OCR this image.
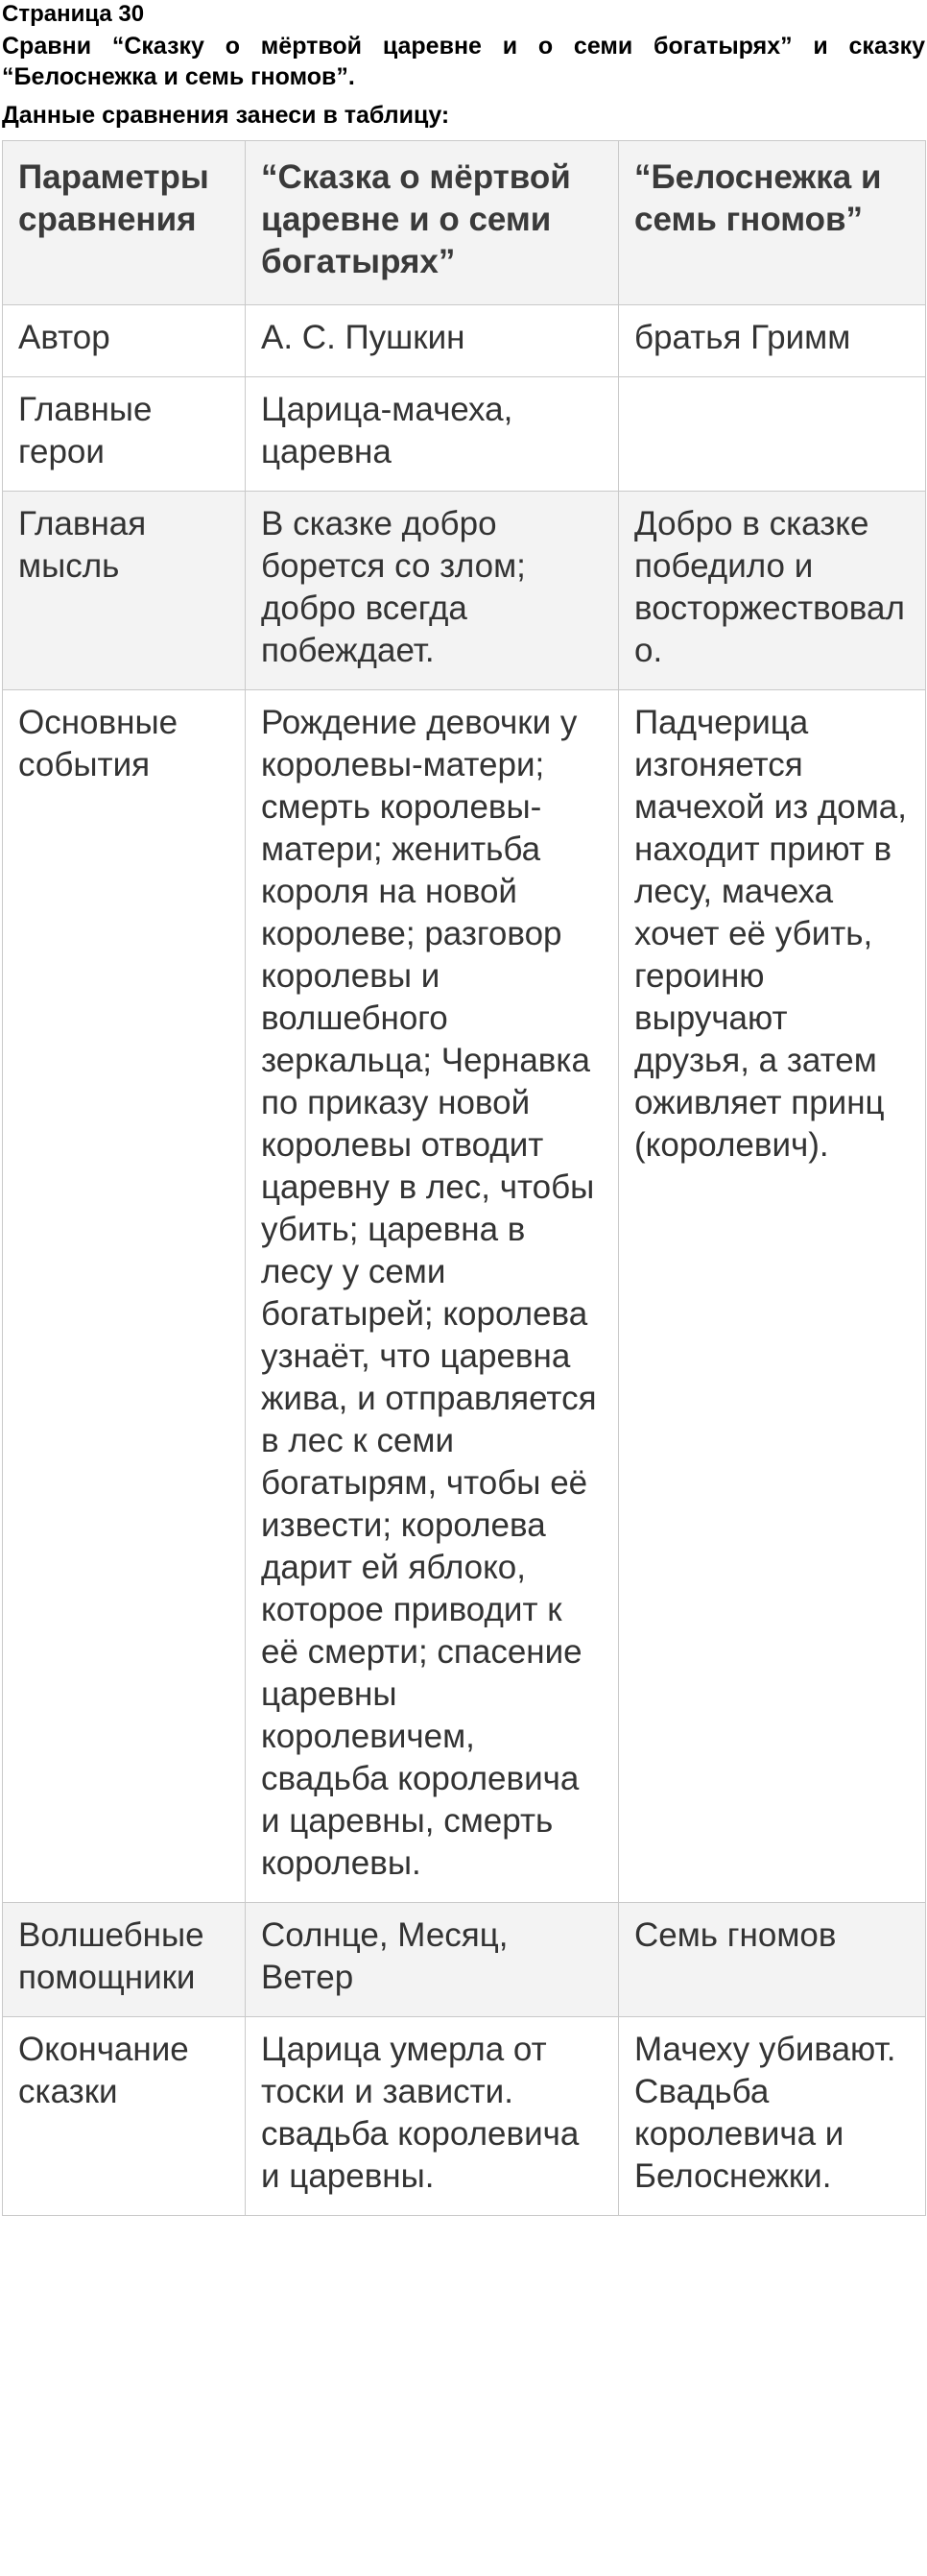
Страница 30

Сравни “Сказку о мёртвой царевне и о семи богатырях” и сказку “Белоснежка и семь гномов”.

Данные сравнения занеси в таблицу:

Параметры сравнения	“Сказка о мёртвой царевне и о семи богатырях”	“Белоснежка и семь гномов”

Автор	А. С. Пушкин	братья Гримм

Главные герои	Царица-мачеха, царевна	

Главная мысль	В сказке добро борется со злом; добро всегда побеждает.	Добро в сказке победило и восторжествовало.

Основные события	Рождение девочки у королевы-матери; смерть королевы-матери; женитьба короля на новой королеве; разговор королевы и волшебного зеркальца; Чернавка по приказу новой королевы отводит царевну в лес, чтобы убить; царевна в лесу у семи богатырей; королева узнаёт, что царевна жива, и отправляется в лес к семи богатырям, чтобы её извести; королева дарит ей яблоко, которое приводит к её смерти; спасение царевны королевичем, свадьба королевича и царевны, смерть королевы.	Падчерица изгоняется мачехой из дома, находит приют в лесу, мачеха хочет её убить, героиню выручают друзья, а затем оживляет принц (королевич).

Волшебные помощники	Солнце, Месяц, Ветер	Семь гномов

Окончание сказки	Царица умерла от тоски и зависти. свадьба королевича и царевны.	Мачеху убивают. Свадьба королевича и Белоснежки.
